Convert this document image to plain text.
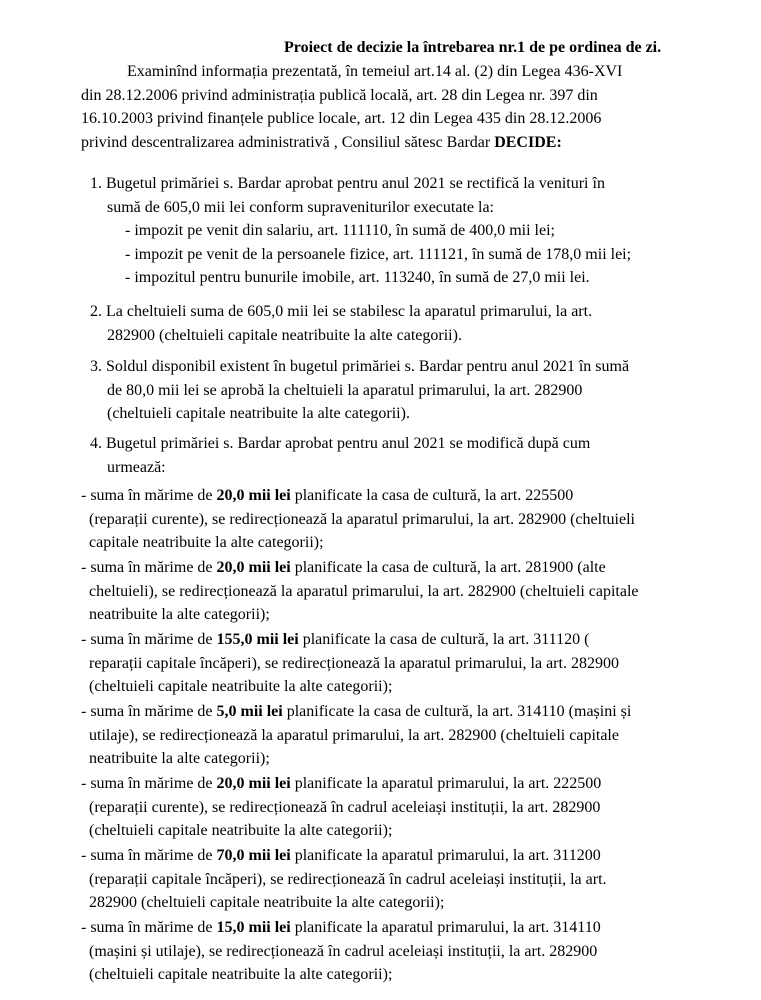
Proiect de decizie la întrebarea nr.1 de pe ordinea de zi.

Examinînd informația prezentată, în temeiul art.14 al. (2) din Legea 436-XVI

din 28.12.2006 privind administrația publică locală, art. 28 din Legea nr. 397 din

16.10.2003 privind finanțele publice locale, art. 12 din Legea 435 din 28.12.2006

privind descentralizarea administrativă , Consiliul sătesc Bardar DECIDE:

1. Bugetul primăriei s. Bardar aprobat pentru anul 2021 se rectifică la venituri în

sumă de 605,0 mii lei conform supraveniturilor executate la:

- impozit pe venit din salariu, art. 111110, în sumă de 400,0 mii lei;

- impozit pe venit de la persoanele fizice, art. 111121, în sumă de 178,0 mii lei;

- impozitul pentru bunurile imobile, art. 113240, în sumă de 27,0 mii lei.

2. La cheltuieli suma de 605,0 mii lei se stabilesc la aparatul primarului, la art.

282900 (cheltuieli capitale neatribuite la alte categorii).

3. Soldul disponibil existent în bugetul primăriei s. Bardar pentru anul 2021 în sumă

de 80,0 mii lei se aprobă la cheltuieli la aparatul primarului, la art. 282900

(cheltuieli capitale neatribuite la alte categorii).

4. Bugetul primăriei s. Bardar aprobat pentru anul 2021 se modifică după cum

urmează:

- suma în mărime de 20,0 mii lei planificate la casa de cultură, la art. 225500

(reparații curente), se redirecționează la aparatul primarului, la art. 282900 (cheltuieli

capitale neatribuite la alte categorii);

- suma în mărime de 20,0 mii lei planificate la casa de cultură, la art. 281900 (alte

cheltuieli), se redirecționează la aparatul primarului, la art. 282900 (cheltuieli capitale

neatribuite la alte categorii);

- suma în mărime de 155,0 mii lei planificate la casa de cultură, la art. 311120 (

reparații capitale încăperi), se redirecționează la aparatul primarului, la art. 282900

(cheltuieli capitale neatribuite la alte categorii);

- suma în mărime de 5,0 mii lei planificate la casa de cultură, la art. 314110 (mașini și

utilaje), se redirecționează la aparatul primarului, la art. 282900 (cheltuieli capitale

neatribuite la alte categorii);

- suma în mărime de 20,0 mii lei planificate la aparatul primarului, la art. 222500

(reparații curente), se redirecționează în cadrul aceleiași instituții, la art. 282900

(cheltuieli capitale neatribuite la alte categorii);

- suma în mărime de 70,0 mii lei planificate la aparatul primarului, la art. 311200

(reparații capitale încăperi), se redirecționează în cadrul aceleiași instituții, la art.

282900 (cheltuieli capitale neatribuite la alte categorii);

- suma în mărime de 15,0 mii lei planificate la aparatul primarului, la art. 314110

(mașini și utilaje), se redirecționează în cadrul aceleiași instituții, la art. 282900

(cheltuieli capitale neatribuite la alte categorii);
